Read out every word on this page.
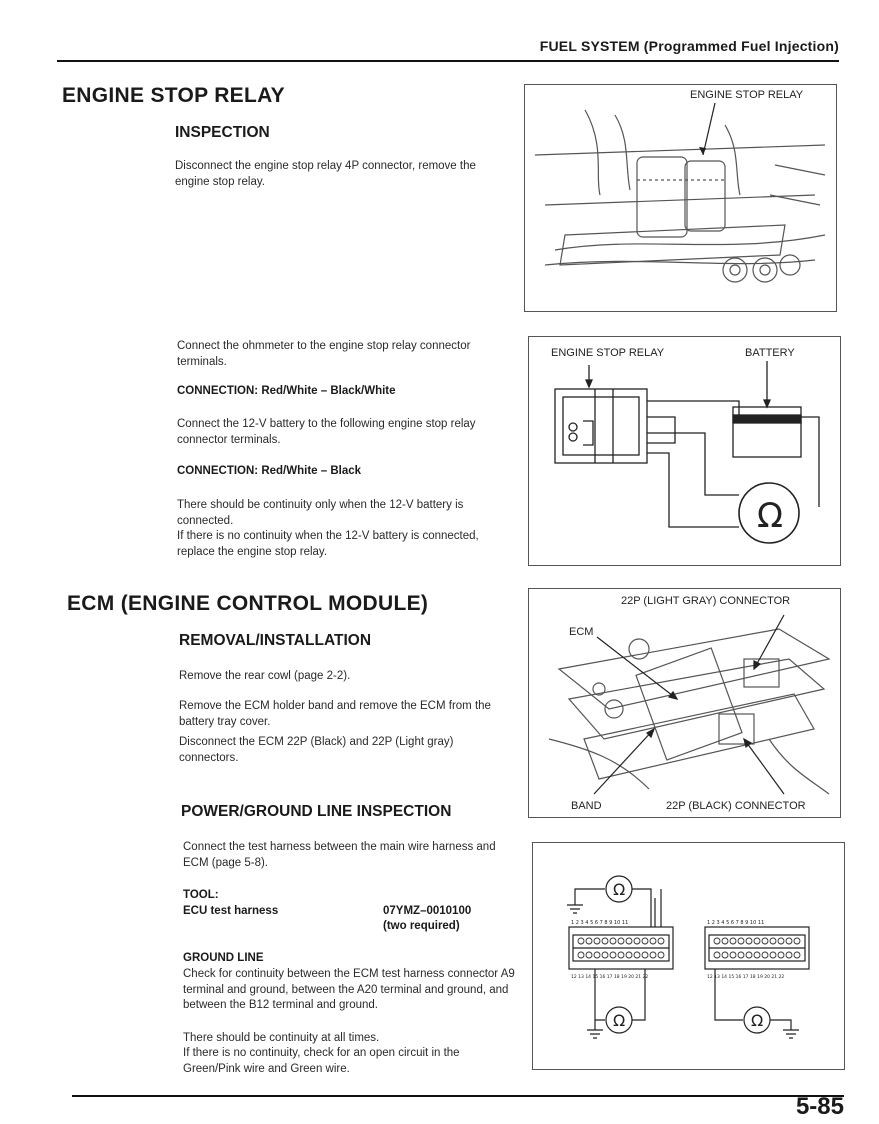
FUEL SYSTEM (Programmed Fuel Injection)
ENGINE STOP RELAY
INSPECTION
Disconnect the engine stop relay 4P connector, remove the engine stop relay.
ENGINE STOP RELAY
Connect the ohmmeter to the engine stop relay connector terminals.
CONNECTION: Red/White – Black/White
Connect the 12-V battery to the following engine stop relay connector terminals.
CONNECTION: Red/White – Black
There should be continuity only when the 12-V battery is connected.
If there is no continuity when the 12-V battery is connected, replace the engine stop relay.
Ω
ENGINE STOP RELAY	BATTERY
ECM (ENGINE CONTROL MODULE)
REMOVAL/INSTALLATION
Remove the rear cowl (page 2-2).
Remove the ECM holder band and remove the ECM from the battery tray cover.
Disconnect the ECM 22P (Black) and 22P (Light gray) connectors.
22P (LIGHT GRAY) CONNECTOR
ECM
BAND	22P (BLACK) CONNECTOR
POWER/GROUND LINE INSPECTION
Connect the test harness between the main wire harness and ECM (page 5-8).
TOOL:
ECU test harness	07YMZ–0010100
(two required)
GROUND LINE
Check for continuity between the ECM test harness connector A9 terminal and ground, between the A20 terminal and ground, and between the B12 terminal and ground.
There should be continuity at all times.
If there is no continuity, check for an open circuit in the Green/Pink wire and Green wire.
Ω
Ω	Ω
1 2 3 4 5 6 7 8 9 10 11
12 13 14 15 16 17 18 19 20 21 22
1 2 3 4 5 6 7 8 9 10 11
12 13 14 15 16 17 18 19 20 21 22
5-85
